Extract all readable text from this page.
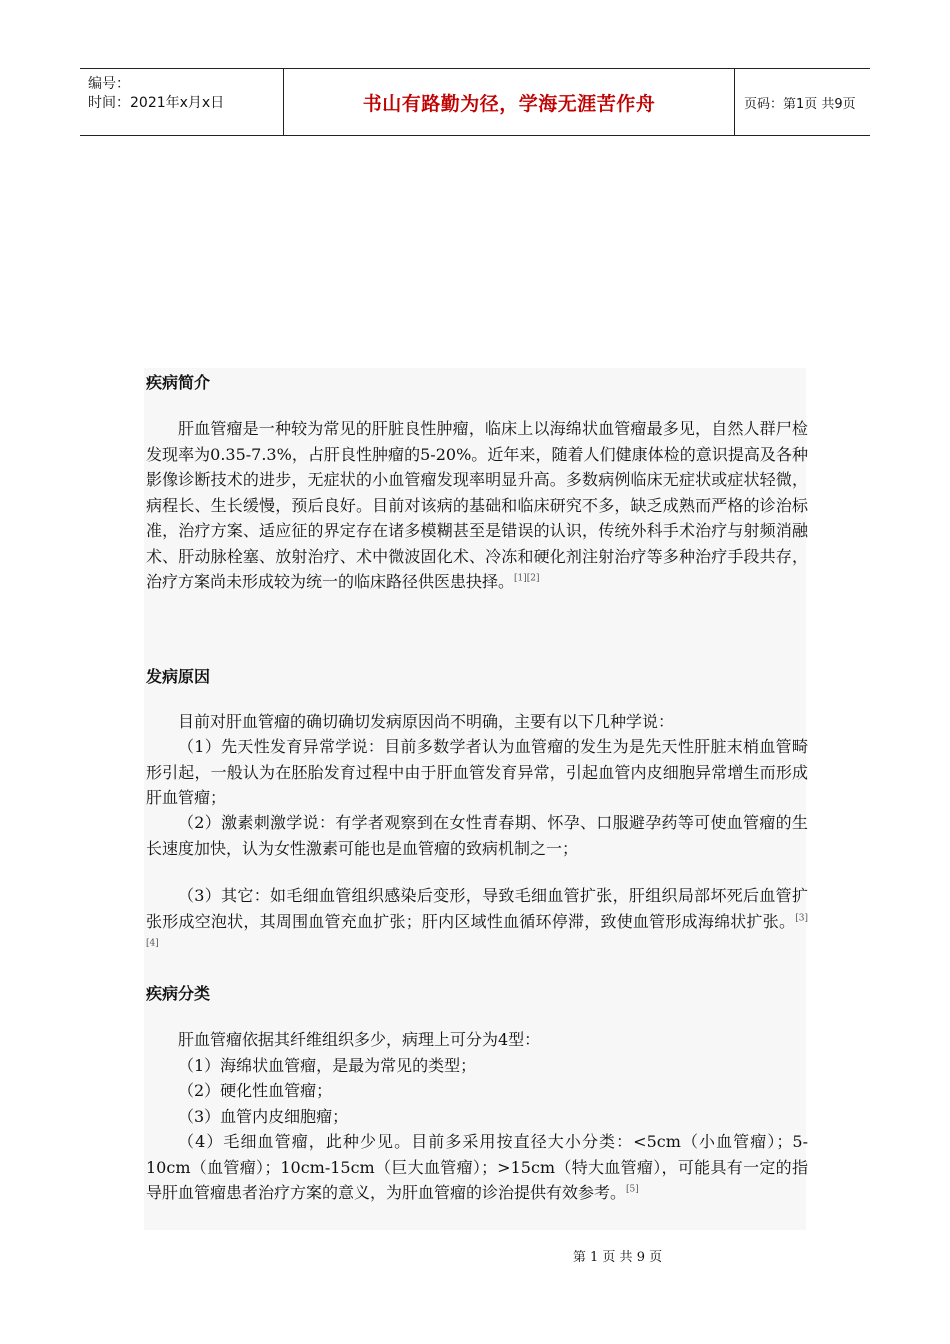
编号：
时间：2021年x月x日	书山有路勤为径，学海无涯苦作舟	页码：第1页 共9页
疾病简介

肝血管瘤是一种较为常见的肝脏良性肿瘤，临床上以海绵状血管瘤最多见，自然人群尸检发现率为0.35-7.3%，占肝良性肿瘤的5-20%。近年来，随着人们健康体检的意识提高及各种影像诊断技术的进步，无症状的小血管瘤发现率明显升高。多数病例临床无症状或症状轻微，病程长、生长缓慢，预后良好。目前对该病的基础和临床研究不多，缺乏成熟而严格的诊治标准，治疗方案、适应征的界定存在诸多模糊甚至是错误的认识，传统外科手术治疗与射频消融术、肝动脉栓塞、放射治疗、术中微波固化术、冷冻和硬化剂注射治疗等多种治疗手段共存，治疗方案尚未形成较为统一的临床路径供医患抉择。[1][2]

发病原因

目前对肝血管瘤的确切确切发病原因尚不明确，主要有以下几种学说：

（1）先天性发育异常学说：目前多数学者认为血管瘤的发生为是先天性肝脏末梢血管畸形引起，一般认为在胚胎发育过程中由于肝血管发育异常，引起血管内皮细胞异常增生而形成肝血管瘤；

（2）激素刺激学说：有学者观察到在女性青春期、怀孕、口服避孕药等可使血管瘤的生长速度加快，认为女性激素可能也是血管瘤的致病机制之一；

（3）其它：如毛细血管组织感染后变形，导致毛细血管扩张，肝组织局部坏死后血管扩张形成空泡状，其周围血管充血扩张；肝内区域性血循环停滞，致使血管形成海绵状扩张。[3][4]

疾病分类

肝血管瘤依据其纤维组织多少，病理上可分为4型：

（1）海绵状血管瘤，是最为常见的类型；

（2）硬化性血管瘤；

（3）血管内皮细胞瘤；

（4）毛细血管瘤，此种少见。目前多采用按直径大小分类：<5cm（小血管瘤）；5-10cm（血管瘤）；10cm-15cm（巨大血管瘤）；>15cm（特大血管瘤），可能具有一定的指导肝血管瘤患者治疗方案的意义，为肝血管瘤的诊治提供有效参考。[5]

第 1 页 共 9 页
